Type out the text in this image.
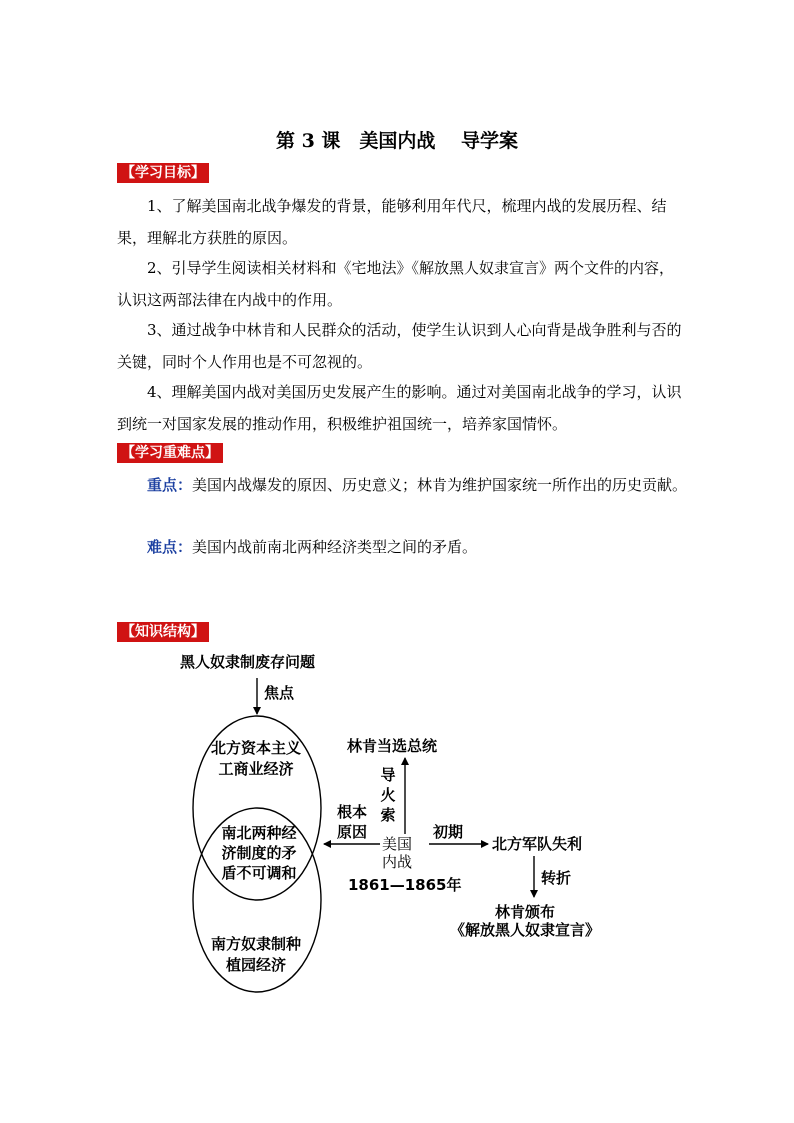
第 3 课　美国内战　 导学案
【学习目标】

1、了解美国南北战争爆发的背景，能够利用年代尺，梳理内战的发展历程、结果，理解北方获胜的原因。

2、引导学生阅读相关材料和《宅地法》《解放黑人奴隶宣言》两个文件的内容，认识这两部法律在内战中的作用。

3、通过战争中林肯和人民群众的活动，使学生认识到人心向背是战争胜利与否的关键，同时个人作用也是不可忽视的。

4、理解美国内战对美国历史发展产生的影响。通过对美国南北战争的学习，认识到统一对国家发展的推动作用，积极维护祖国统一，培养家国情怀。

【学习重难点】

重点：美国内战爆发的原因、历史意义；林肯为维护国家统一所作出的历史贡献。

难点：美国内战前南北两种经济类型之间的矛盾。

【知识结构】
黑人奴隶制废存问题
焦点
北方资本主义工商业经济
南北两种经济制度的矛盾不可调和
南方奴隶制种植园经济
根本原因
美国
内战
1861—1865年
导火索
林肯当选总统
初期
北方军队失利
转折
林肯颁布
《解放黑人奴隶宣言》
